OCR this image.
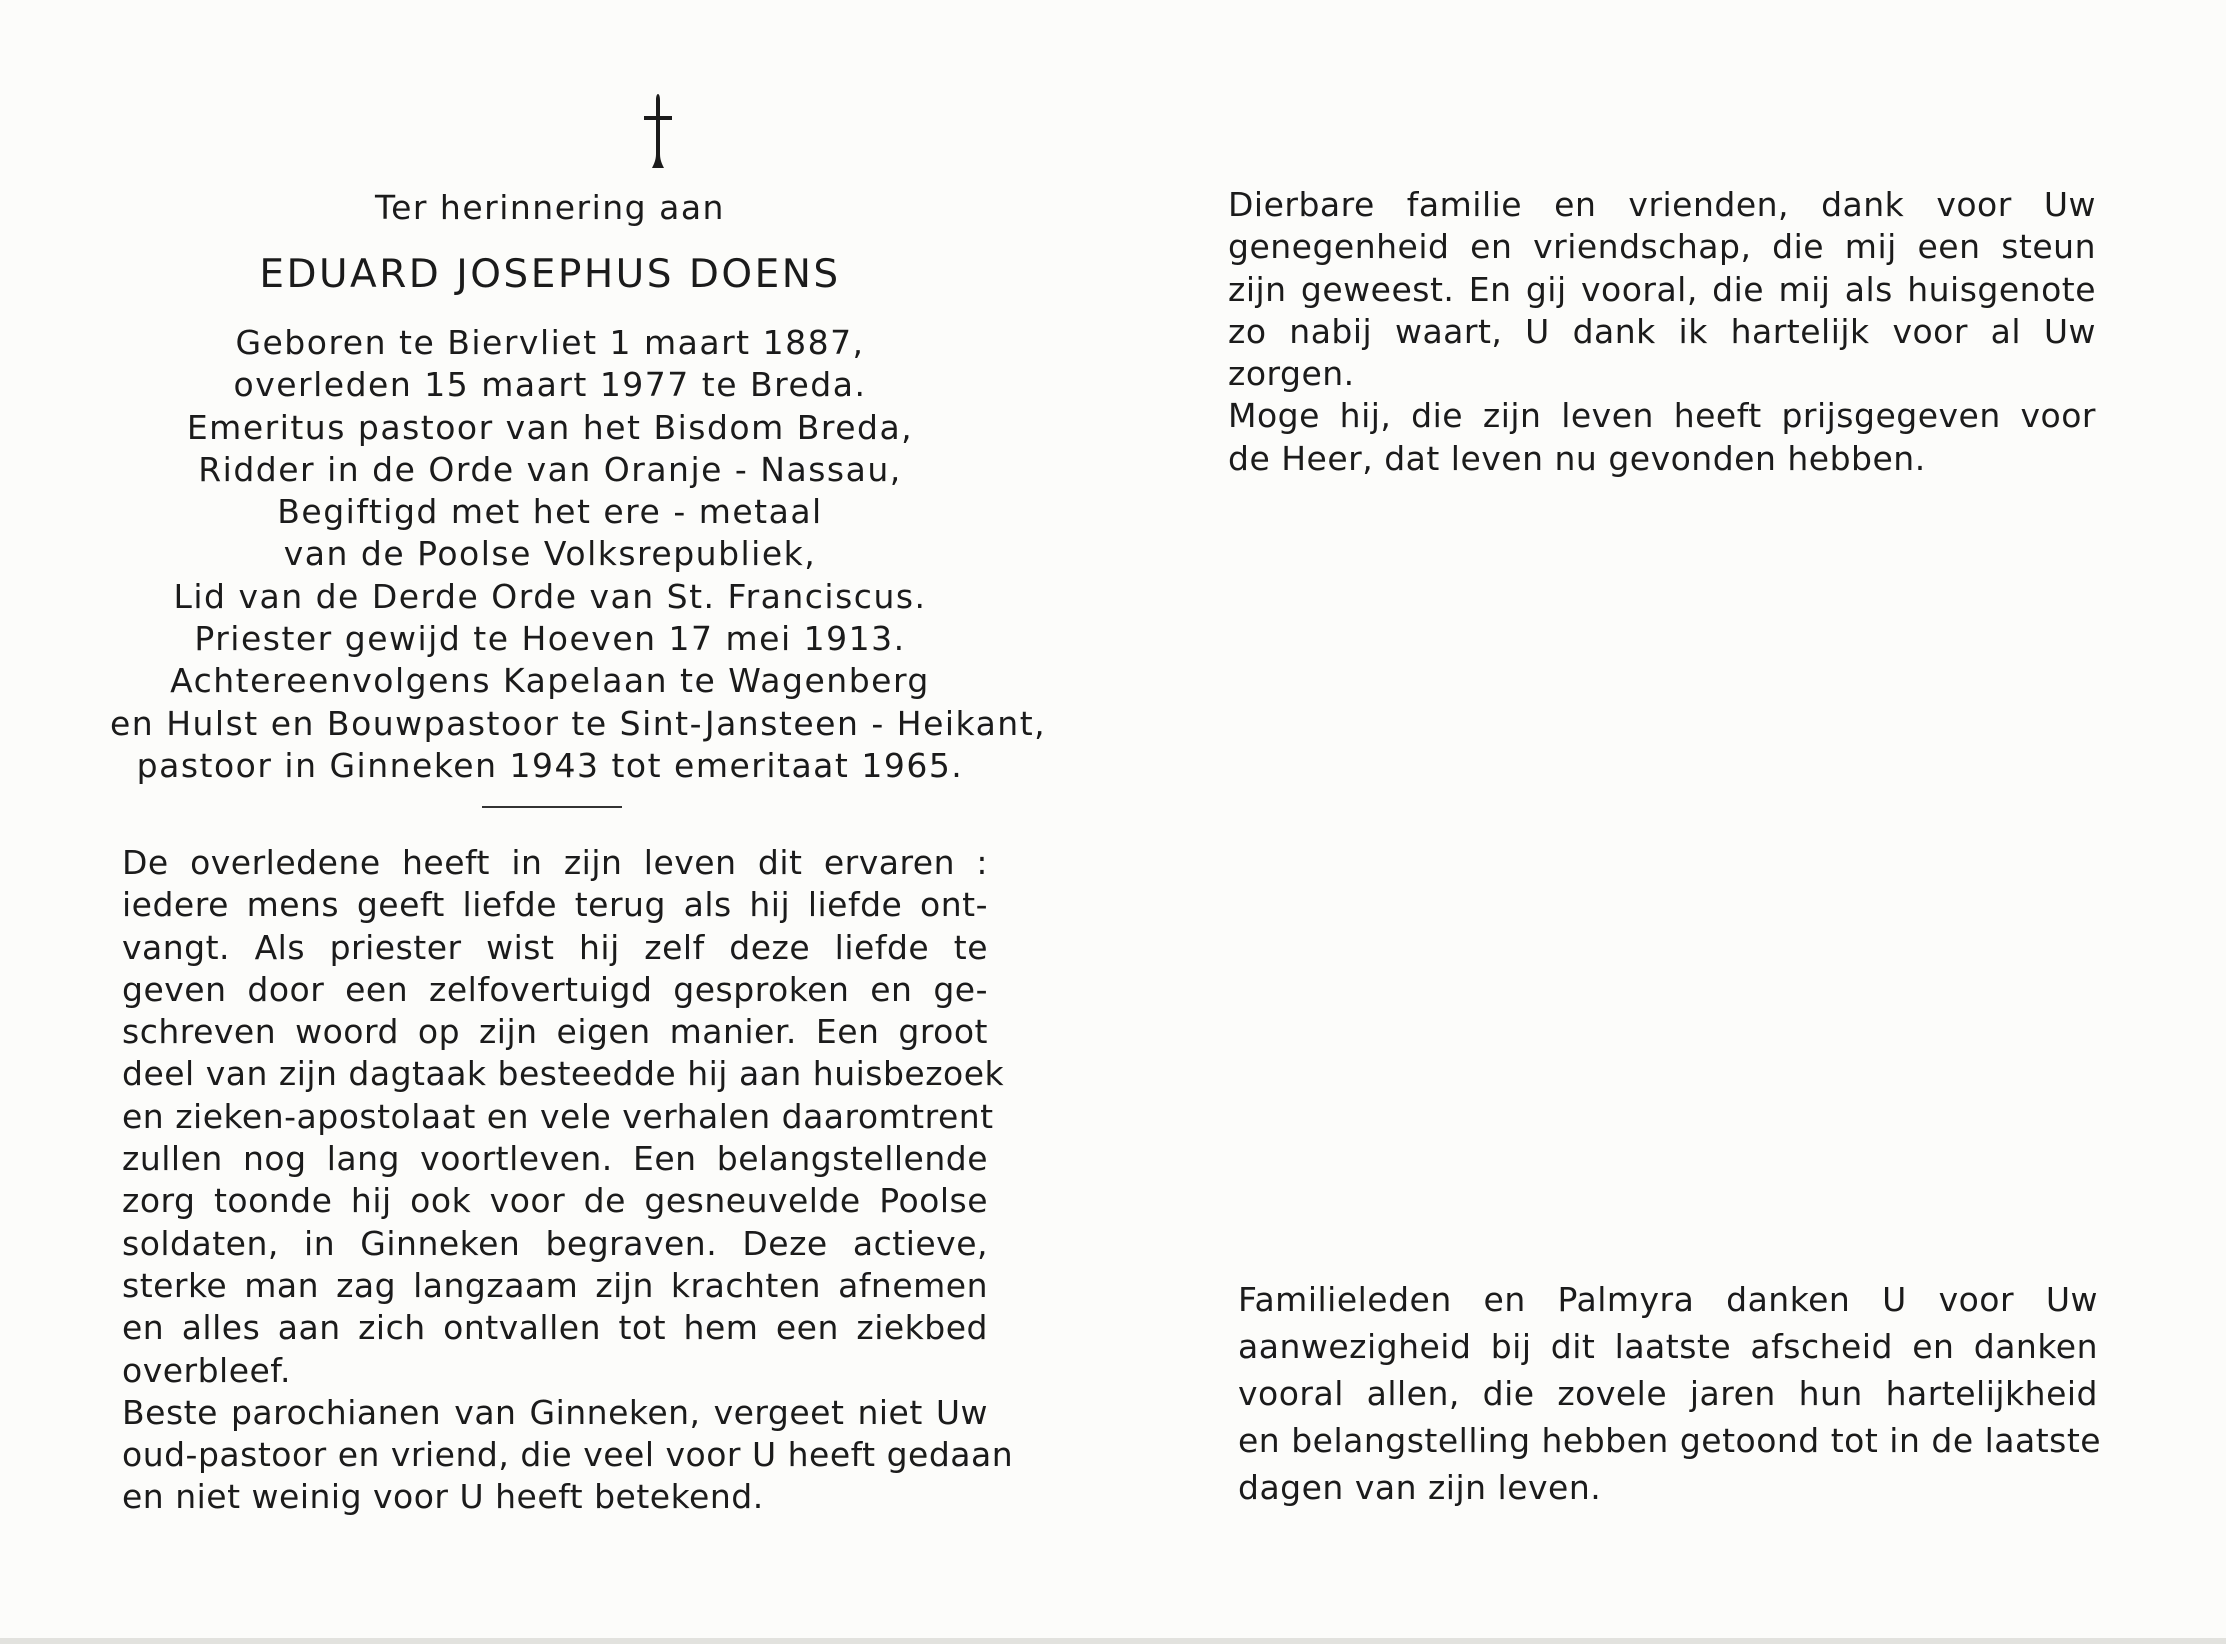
Ter herinnering aan
EDUARD JOSEPHUS DOENS
Geboren te Biervliet 1 maart 1887,
overleden 15 maart 1977 te Breda.
Emeritus pastoor van het Bisdom Breda,
Ridder in de Orde van Oranje - Nassau,
Begiftigd met het ere - metaal
van de Poolse Volksrepubliek,
Lid van de Derde Orde van St. Franciscus.
Priester gewijd te Hoeven 17 mei 1913.
Achtereenvolgens Kapelaan te Wagenberg
en Hulst en Bouwpastoor te Sint-Jansteen - Heikant,
pastoor in Ginneken 1943 tot emeritaat 1965.
De overledene heeft in zijn leven dit ervaren :
iedere mens geeft liefde terug als hij liefde ont-
vangt. Als priester wist hij zelf deze liefde te
geven door een zelfovertuigd gesproken en ge-
schreven woord op zijn eigen manier. Een groot
deel van zijn dagtaak besteedde hij aan huisbezoek
en zieken-apostolaat en vele verhalen daaromtrent
zullen nog lang voortleven. Een belangstellende
zorg toonde hij ook voor de gesneuvelde Poolse
soldaten, in Ginneken begraven. Deze actieve,
sterke man zag langzaam zijn krachten afnemen
en alles aan zich ontvallen tot hem een ziekbed
overbleef.
Beste parochianen van Ginneken, vergeet niet Uw
oud-pastoor en vriend, die veel voor U heeft gedaan
en niet weinig voor U heeft betekend.
Dierbare familie en vrienden, dank voor Uw
genegenheid en vriendschap, die mij een steun
zijn geweest. En gij vooral, die mij als huisgenote
zo nabij waart, U dank ik hartelijk voor al Uw
zorgen.
Moge hij, die zijn leven heeft prijsgegeven voor
de Heer, dat leven nu gevonden hebben.
Familieleden en Palmyra danken U voor Uw
aanwezigheid bij dit laatste afscheid en danken
vooral allen, die zovele jaren hun hartelijkheid
en belangstelling hebben getoond tot in de laatste
dagen van zijn leven.
